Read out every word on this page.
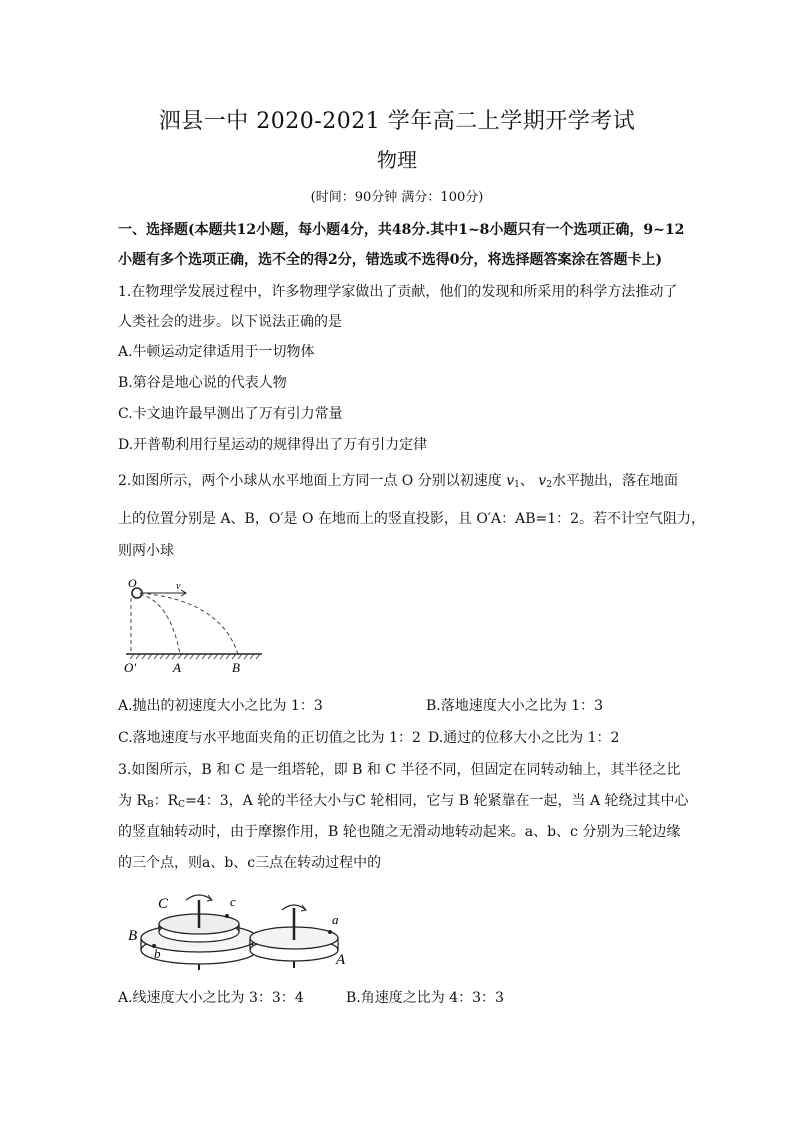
泗县一中 2020-2021 学年高二上学期开学考试
物理
(时间：90分钟 满分：100分)
一、选择题(本题共12小题，每小题4分，共48分.其中1~8小题只有一个选项正确，9~12
小题有多个选项正确，选不全的得2分，错选或不选得0分，将选择题答案涂在答题卡上)
1.在物理学发展过程中，许多物理学家做出了贡献，他们的发现和所采用的科学方法推动了
人类社会的进步。以下说法正确的是
A.牛顿运动定律适用于一切物体
B.第谷是地心说的代表人物
C.卡文迪许最早测出了万有引力常量
D.开普勒利用行星运动的规律得出了万有引力定律
2.如图所示，两个小球从水平地面上方同一点 O 分别以初速度 $v_1$、 $v_2$水平抛出，落在地面
上的位置分别是 A、B，O′是 O 在地而上的竖直投影，且 O′A：AB=1：2。若不计空气阻力，
则两小球
O	v
O′	A	B
A.抛出的初速度大小之比为 1：3	B.落地速度大小之比为 1：3
C.落地速度与水平地面夹角的正切值之比为 1：2 D.通过的位移大小之比为 1：2
3.如图所示，B 和 C 是一组塔轮，即 B 和 C 半径不同，但固定在同转动轴上，其半径之比
为 $R_B$：$R_C=4$：3，A 轮的半径大小与C 轮相同，它与 B 轮紧靠在一起，当 A 轮绕过其中心
的竖直轴转动时，由于摩擦作用，B 轮也随之无滑动地转动起来。a、b、c 分别为三轮边缘
的三个点，则a、b、c三点在转动过程中的
C	c
B
b
a
A
A.线速度大小之比为 3：3：4	B.角速度之比为 4：3：3
